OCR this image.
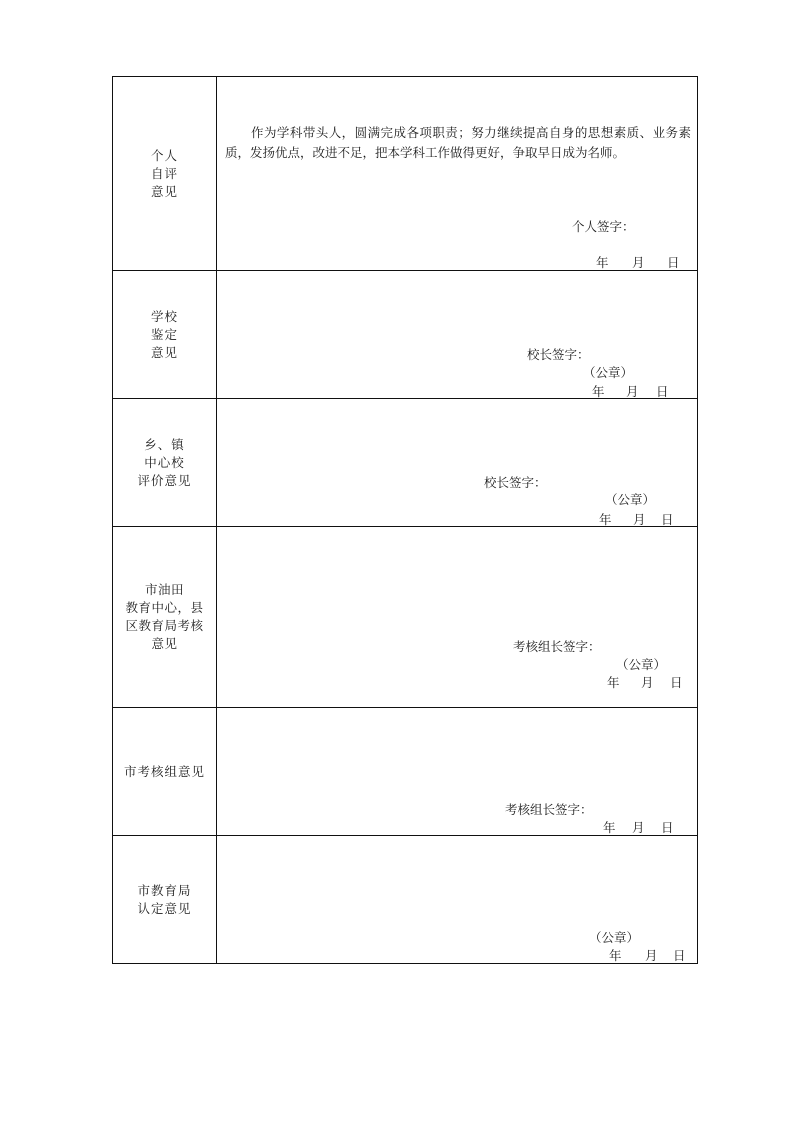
个人
自评
意见	作为学科带头人，圆满完成各项职责；努力继续提高自身的思想素质、业务素质，发扬优点，改进不足，把本学科工作做得更好，争取早日成为名师。
个人签字：
年 月 日

学校
鉴定
意见	校长签字：
（公章）
年 月 日

乡、镇
中心校
评价意见	校长签字：
（公章）
年 月 日

市油田
教育中心，县
区教育局考核
意见	考核组长签字：
（公章）
年 月 日

市考核组意见	考核组长签字：
年 月 日

市教育局
认定意见	（公章）
年 月 日
